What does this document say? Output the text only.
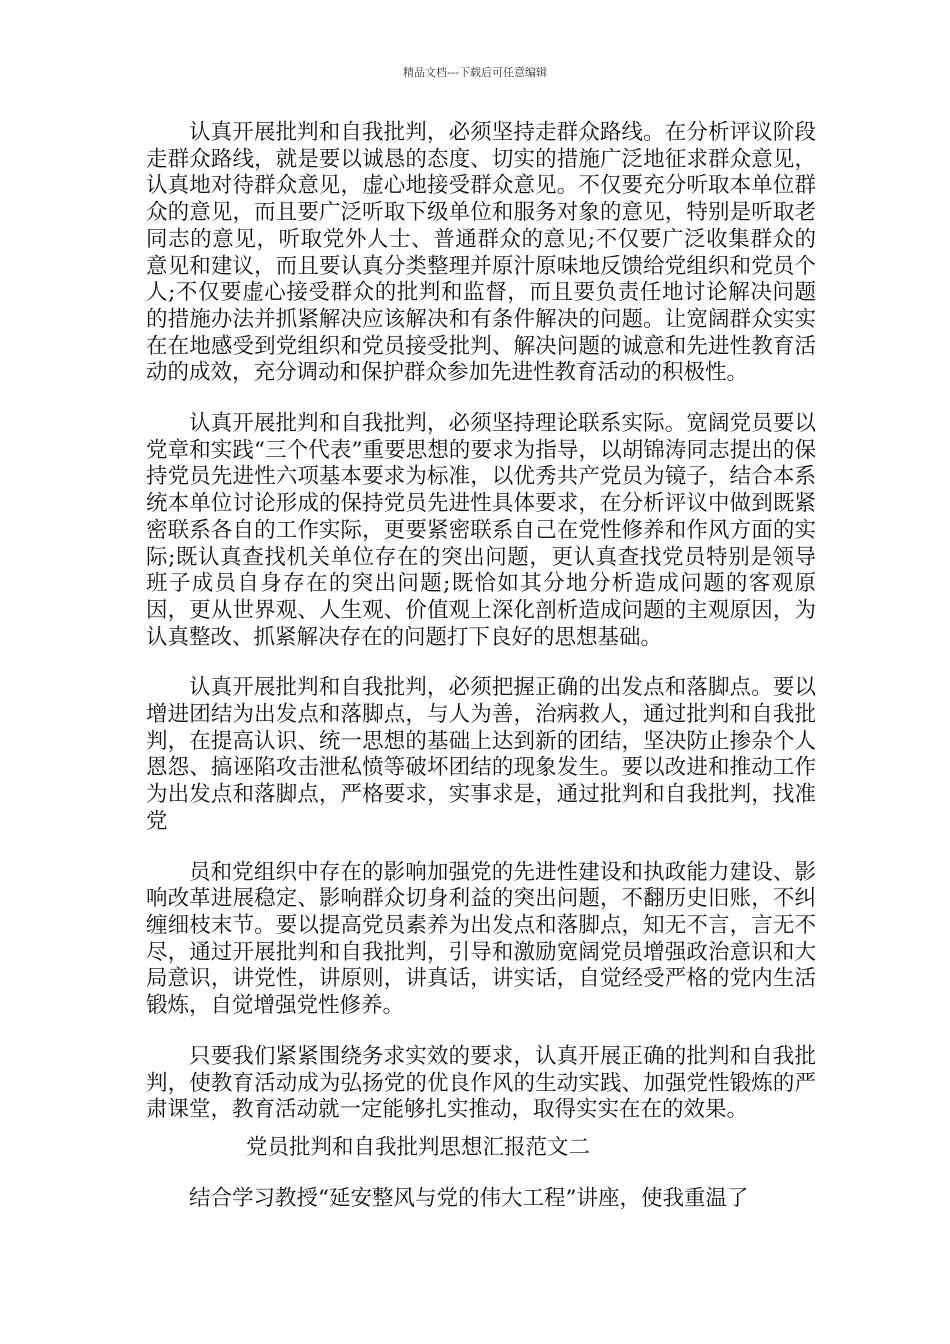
精品文档---下载后可任意编辑

认真开展批判和自我批判，必须坚持走群众路线。在分析评议阶段走群众路线，就是要以诚恳的态度、切实的措施广泛地征求群众意见，认真地对待群众意见，虚心地接受群众意见。不仅要充分听取本单位群众的意见，而且要广泛听取下级单位和服务对象的意见，特别是听取老同志的意见，听取党外人士、普通群众的意见;不仅要广泛收集群众的意见和建议，而且要认真分类整理并原汁原味地反馈给党组织和党员个人;不仅要虚心接受群众的批判和监督，而且要负责任地讨论解决问题的措施办法并抓紧解决应该解决和有条件解决的问题。让宽阔群众实实在在地感受到党组织和党员接受批判、解决问题的诚意和先进性教育活动的成效，充分调动和保护群众参加先进性教育活动的积极性。

认真开展批判和自我批判，必须坚持理论联系实际。宽阔党员要以党章和实践“三个代表”重要思想的要求为指导，以胡锦涛同志提出的保持党员先进性六项基本要求为标准，以优秀共产党员为镜子，结合本系统本单位讨论形成的保持党员先进性具体要求，在分析评议中做到既紧密联系各自的工作实际，更要紧密联系自己在党性修养和作风方面的实际;既认真查找机关单位存在的突出问题，更认真查找党员特别是领导班子成员自身存在的突出问题;既恰如其分地分析造成问题的客观原因，更从世界观、人生观、价值观上深化剖析造成问题的主观原因，为认真整改、抓紧解决存在的问题打下良好的思想基础。

认真开展批判和自我批判，必须把握正确的出发点和落脚点。要以增进团结为出发点和落脚点，与人为善，治病救人，通过批判和自我批判，在提高认识、统一思想的基础上达到新的团结，坚决防止掺杂个人恩怨、搞诬陷攻击泄私愤等破坏团结的现象发生。要以改进和推动工作为出发点和落脚点，严格要求，实事求是，通过批判和自我批判，找准党

员和党组织中存在的影响加强党的先进性建设和执政能力建设、影响改革进展稳定、影响群众切身利益的突出问题，不翻历史旧账，不纠缠细枝末节。要以提高党员素养为出发点和落脚点，知无不言，言无不尽，通过开展批判和自我批判，引导和激励宽阔党员增强政治意识和大局意识，讲党性，讲原则，讲真话，讲实话，自觉经受严格的党内生活锻炼，自觉增强党性修养。

只要我们紧紧围绕务求实效的要求，认真开展正确的批判和自我批判，使教育活动成为弘扬党的优良作风的生动实践、加强党性锻炼的严肃课堂，教育活动就一定能够扎实推动，取得实实在在的效果。

党员批判和自我批判思想汇报范文二

结合学习教授“延安整风与党的伟大工程”讲座，使我重温了
